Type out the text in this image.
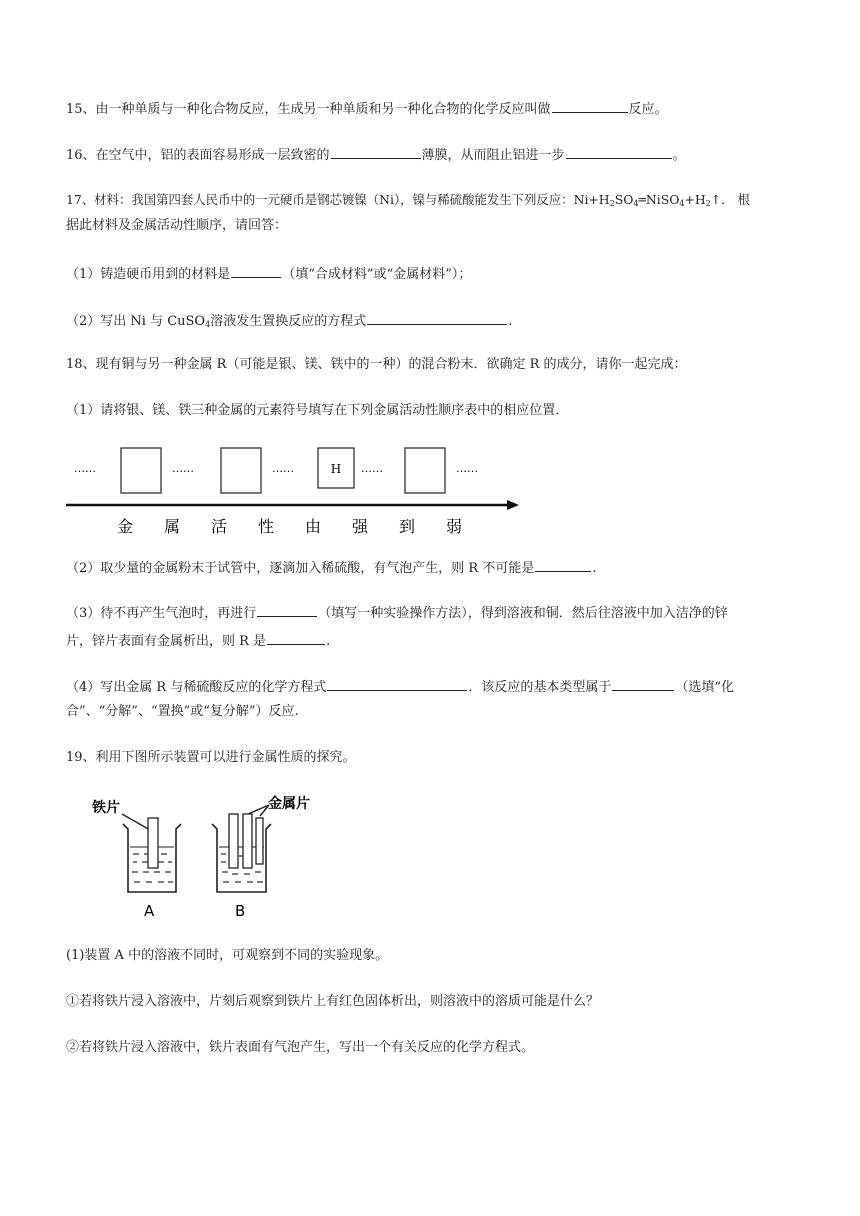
15、由一种单质与一种化合物反应，生成另一种单质和另一种化合物的化学反应叫做	反应。
16、在空气中，铝的表面容易形成一层致密的	薄膜，从而阻止铝进一步	。
17、材料：我国第四套人民币中的一元硬币是钢芯镀镍（Ni），镍与稀硫酸能发生下列反应：$Ni+H_2SO_4═NiSO_4+H_2↑$． 根
据此材料及金属活动性顺序，请回答：
（1）铸造硬币用到的材料是	（填“合成材料”或“金属材料”）；
（2）写出 Ni 与 CuSO$_4$溶液发生置换反应的方程式	.
18、现有铜与另一种金属 R（可能是银、镁、铁中的一种）的混合粉末．欲确定 R 的成分，请你一起完成：
（1）请将银、镁、铁三种金属的元素符号填写在下列金属活动性顺序表中的相应位置．
……	……	……	H ……	……
金 属 活 性 由 强 到 弱
（2）取少量的金属粉末于试管中，逐滴加入稀硫酸，有气泡产生，则 R 不可能是	.
（3）待不再产生气泡时，再进行	（填写一种实验操作方法），得到溶液和铜．然后往溶液中加入洁净的锌
片，锌片表面有金属析出，则 R 是	.
（4）写出金属 R 与稀硫酸反应的化学方程式	．该反应的基本类型属于	（选填“化
合”、“分解”、“置换”或“复分解”）反应.
19、利用下图所示装置可以进行金属性质的探究。
铁片
A
金属片
B
(1)装置 A 中的溶液不同时，可观察到不同的实验现象。
①若将铁片浸入溶液中，片刻后观察到铁片上有红色固体析出，则溶液中的溶质可能是什么？
②若将铁片浸入溶液中，铁片表面有气泡产生，写出一个有关反应的化学方程式。
